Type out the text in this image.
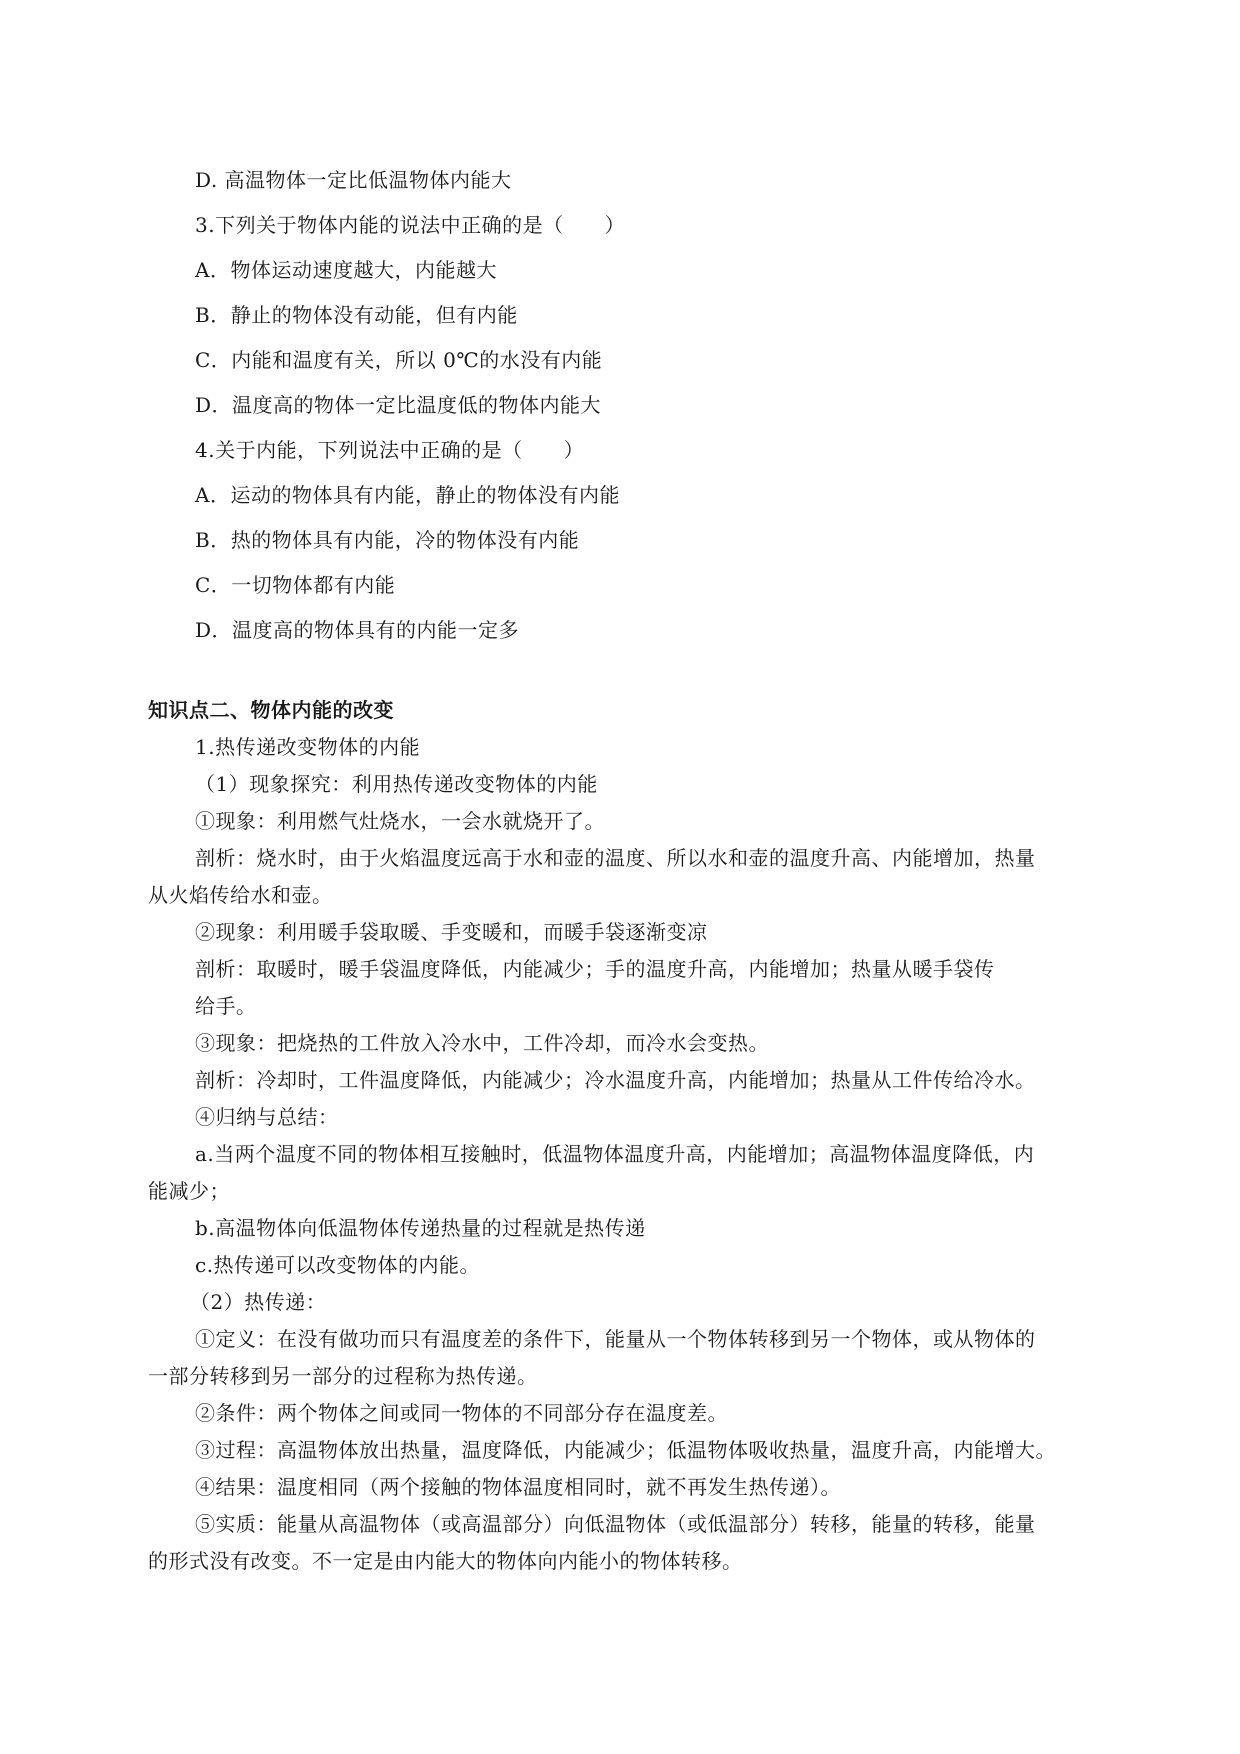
D. 高温物体一定比低温物体内能大
3.下列关于物体内能的说法中正确的是（　　）
A．物体运动速度越大，内能越大
B．静止的物体没有动能，但有内能
C．内能和温度有关，所以 0℃的水没有内能
D．温度高的物体一定比温度低的物体内能大
4.关于内能，下列说法中正确的是（　　）
A．运动的物体具有内能，静止的物体没有内能
B．热的物体具有内能，冷的物体没有内能
C．一切物体都有内能
D．温度高的物体具有的内能一定多
知识点二、物体内能的改变
1.热传递改变物体的内能
（1）现象探究：利用热传递改变物体的内能
①现象：利用燃气灶烧水，一会水就烧开了。
剖析：烧水时，由于火焰温度远高于水和壶的温度、所以水和壶的温度升高、内能增加，热量
从火焰传给水和壶。
②现象：利用暖手袋取暖、手变暖和，而暖手袋逐渐变凉
剖析：取暖时，暖手袋温度降低，内能减少；手的温度升高，内能增加；热量从暖手袋传
给手。
③现象：把烧热的工件放入冷水中，工件冷却，而冷水会变热。
剖析：冷却时，工件温度降低，内能减少；冷水温度升高，内能增加；热量从工件传给冷水。
④归纳与总结：
a.当两个温度不同的物体相互接触时，低温物体温度升高，内能增加；高温物体温度降低，内
能减少；
b.高温物体向低温物体传递热量的过程就是热传递
c.热传递可以改变物体的内能。
（2）热传递：
①定义：在没有做功而只有温度差的条件下，能量从一个物体转移到另一个物体，或从物体的
一部分转移到另一部分的过程称为热传递。
②条件：两个物体之间或同一物体的不同部分存在温度差。
③过程：高温物体放出热量，温度降低，内能减少；低温物体吸收热量，温度升高，内能增大。
④结果：温度相同（两个接触的物体温度相同时，就不再发生热传递）。
⑤实质：能量从高温物体（或高温部分）向低温物体（或低温部分）转移，能量的转移，能量
的形式没有改变。不一定是由内能大的物体向内能小的物体转移。
